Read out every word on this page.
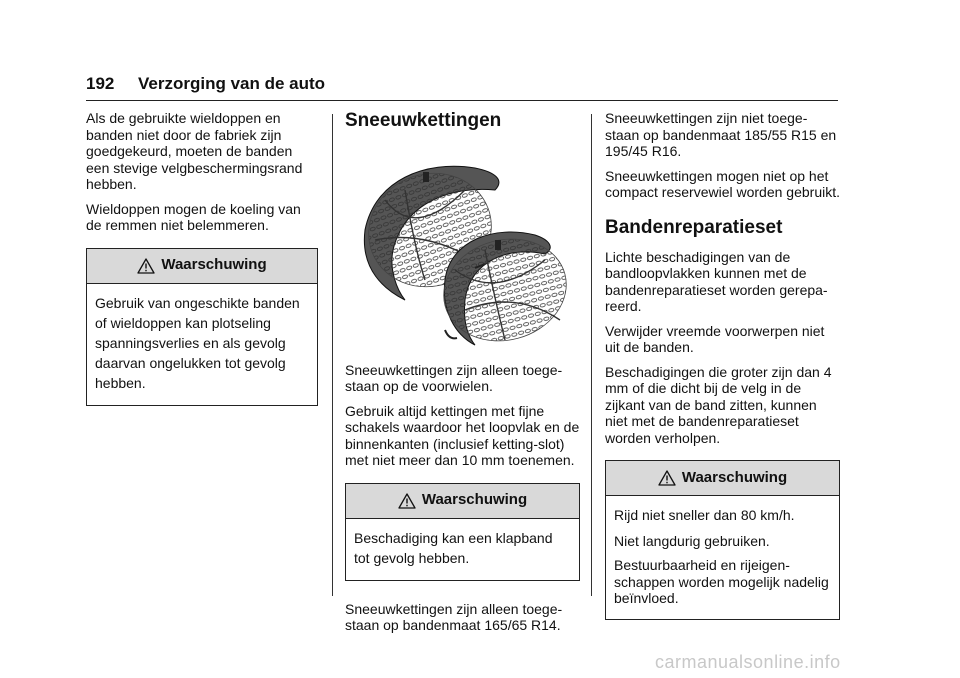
192 Verzorging van de auto

Als de gebruikte wieldoppen en banden niet door de fabriek zijn goedgekeurd, moeten de banden een stevige velgbeschermingsrand hebben.

Wieldoppen mogen de koeling van de remmen niet belemmeren.

Waarschuwing

Gebruik van ongeschikte banden of wieldoppen kan plotseling spanningsverlies en als gevolg daarvan ongelukken tot gevolg hebben.

Sneeuwkettingen

Sneeuwkettingen zijn alleen toege-staan op de voorwielen.

Gebruik altijd kettingen met fijne schakels waardoor het loopvlak en de binnenkanten (inclusief ketting-slot) met niet meer dan 10 mm toenemen.

Waarschuwing

Beschadiging kan een klapband tot gevolg hebben.

Sneeuwkettingen zijn alleen toege-staan op bandenmaat 165/65 R14.

Sneeuwkettingen zijn niet toege-staan op bandenmaat 185/55 R15 en 195/45 R16.

Sneeuwkettingen mogen niet op het compact reservewiel worden gebruikt.

Bandenreparatieset

Lichte beschadigingen van de bandloopvlakken kunnen met de bandenreparatieset worden gerepa-reerd.

Verwijder vreemde voorwerpen niet uit de banden.

Beschadigingen die groter zijn dan 4 mm of die dicht bij de velg in de zijkant van de band zitten, kunnen niet met de bandenreparatieset worden verholpen.

Waarschuwing

Rijd niet sneller dan 80 km/h.

Niet langdurig gebruiken.

Bestuurbaarheid en rijeigen-schappen worden mogelijk nadelig beïnvloed.

carmanualsonline.info
